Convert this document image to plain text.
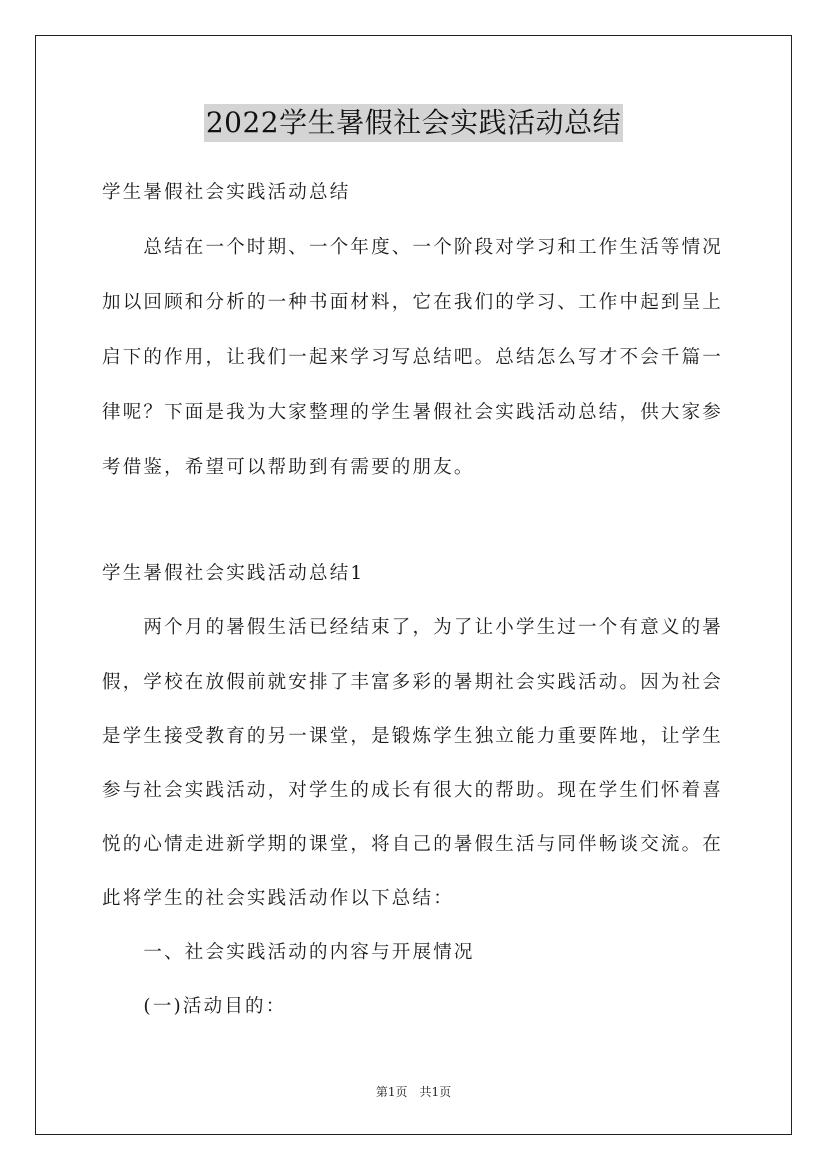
2022学生暑假社会实践活动总结
学生暑假社会实践活动总结
　　总结在一个时期、一个年度、一个阶段对学习和工作生活等情况
加以回顾和分析的一种书面材料，它在我们的学习、工作中起到呈上
启下的作用，让我们一起来学习写总结吧。总结怎么写才不会千篇一
律呢？下面是我为大家整理的学生暑假社会实践活动总结，供大家参
考借鉴，希望可以帮助到有需要的朋友。
学生暑假社会实践活动总结1
　　两个月的暑假生活已经结束了，为了让小学生过一个有意义的暑
假，学校在放假前就安排了丰富多彩的暑期社会实践活动。因为社会
是学生接受教育的另一课堂，是锻炼学生独立能力重要阵地，让学生
参与社会实践活动，对学生的成长有很大的帮助。现在学生们怀着喜
悦的心情走进新学期的课堂，将自己的暑假生活与同伴畅谈交流。在
此将学生的社会实践活动作以下总结：
　　一、社会实践活动的内容与开展情况
　　(一)活动目的：
第1页　共1页
